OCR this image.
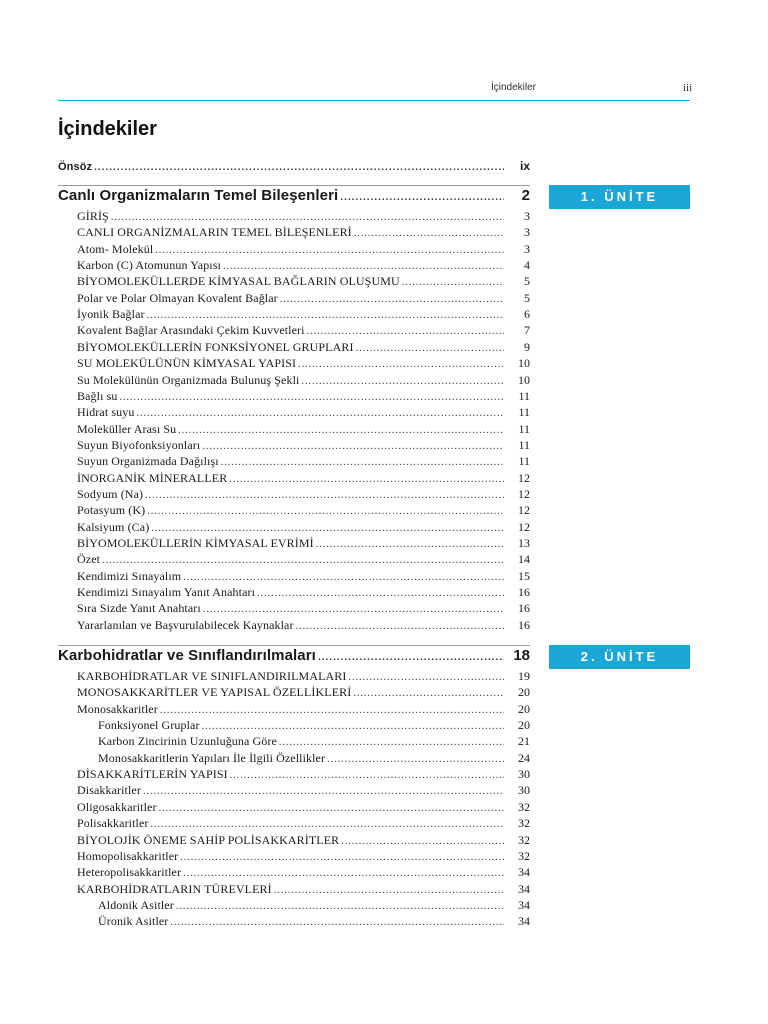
İçindekiler	iii
İçindekiler
Önsöz .....	ix
Canlı Organizmaların Temel Bileşenleri .....	2	1. ÜNİTE
GİRİŞ .....	3
CANLI ORGANİZMALARIN TEMEL BİLEŞENLERİ .....	3
Atom- Molekül .....	3
Karbon (C) Atomunun Yapısı .....	4
BİYOMOLEKÜLLERDE KİMYASAL BAĞLARIN OLUŞUMU .....	5
Polar ve Polar Olmayan Kovalent Bağlar .....	5
İyonik Bağlar .....	6
Kovalent Bağlar Arasındaki Çekim Kuvvetleri .....	7
BİYOMOLEKÜLLERİN FONKSİYONEL GRUPLARI .....	9
SU MOLEKÜLÜNÜN KİMYASAL YAPISI .....	10
Su Molekülünün Organizmada Bulunuş Şekli .....	10
Bağlı su .....	11
Hidrat suyu .....	11
Moleküller Arası Su .....	11
Suyun Biyofonksiyonları .....	11
Suyun Organizmada Dağılışı .....	11
İNORGANİK MİNERALLER .....	12
Sodyum (Na) .....	12
Potasyum (K) .....	12
Kalsiyum (Ca) .....	12
BİYOMOLEKÜLLERİN KİMYASAL EVRİMİ .....	13
Özet .....	14
Kendimizi Sınayalım .....	15
Kendimizi Sınayalım Yanıt Anahtarı .....	16
Sıra Sizde Yanıt Anahtarı .....	16
Yararlanılan ve Başvurulabilecek Kaynaklar .....	16
Karbohidratlar ve Sınıflandırılmaları .....	18	2. ÜNİTE
KARBOHİDRATLAR VE SINIFLANDIRILMALARI .....	19
MONOSAKKARİTLER VE YAPISAL ÖZELLİKLERİ .....	20
Monosakkaritler .....	20
Fonksiyonel Gruplar .....	20
Karbon Zincirinin Uzunluğuna Göre .....	21
Monosakkaritlerin Yapıları İle İlgili Özellikler .....	24
DİSAKKARİTLERİN YAPISI .....	30
Disakkaritler .....	30
Oligosakkaritler .....	32
Polisakkaritler .....	32
BİYOLOJİK ÖNEME SAHİP POLİSAKKARİTLER .....	32
Homopolisakkaritler .....	32
Heteropolisakkaritler .....	34
KARBOHİDRATLARIN TÜREVLERİ .....	34
Aldonik Asitler .....	34
Üronik Asitler .....	34
